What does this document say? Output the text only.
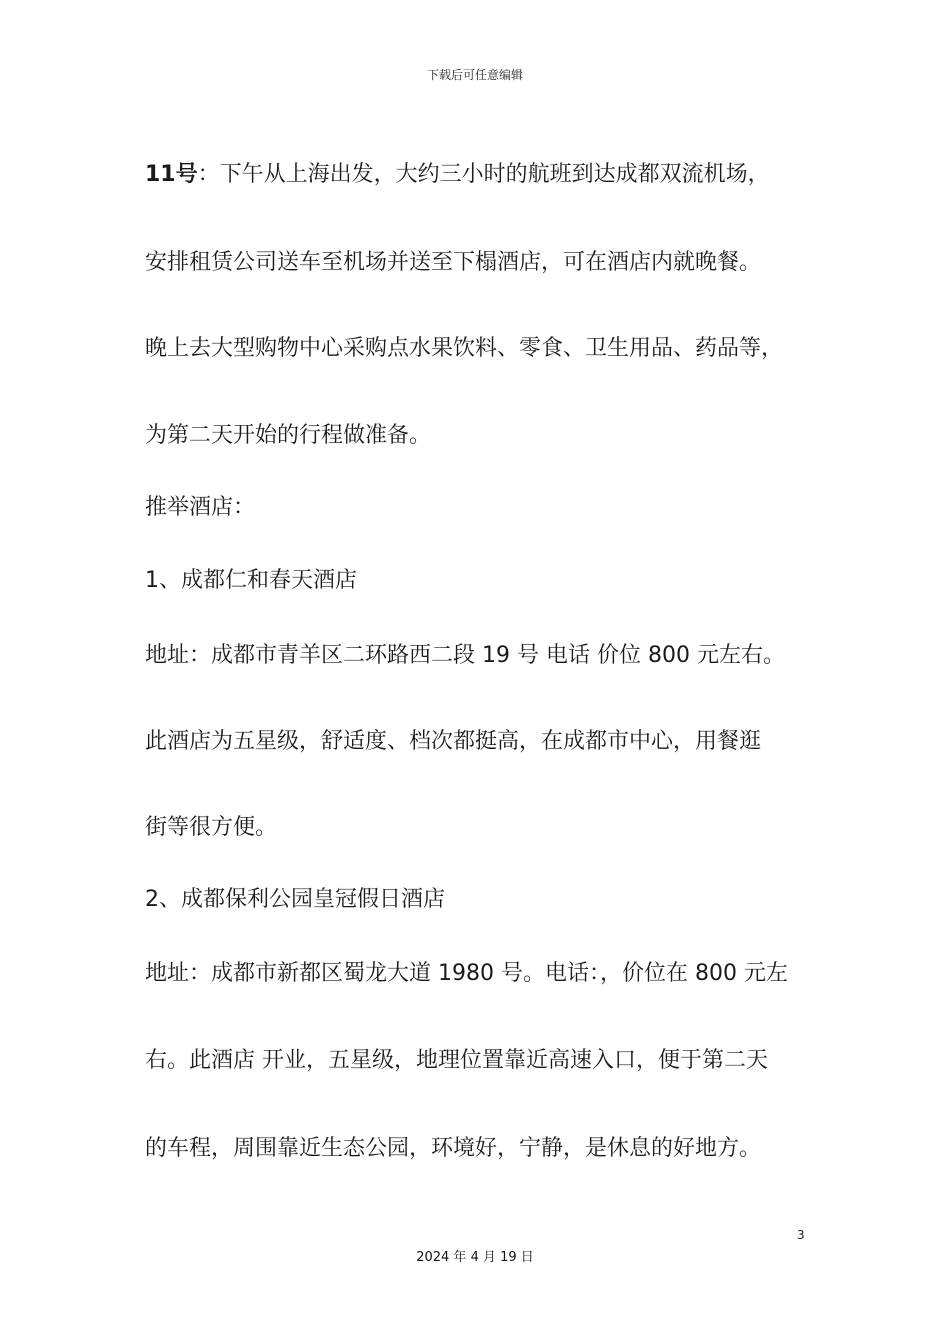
下载后可任意编辑
11号：下午从上海出发，大约三小时的航班到达成都双流机场，
安排租赁公司送车至机场并送至下榻酒店，可在酒店内就晚餐。
晚上去大型购物中心采购点水果饮料、零食、卫生用品、药品等，
为第二天开始的行程做准备。
推举酒店：
1、成都仁和春天酒店
地址：成都市青羊区二环路西二段 19 号 电话 价位 800 元左右。
此酒店为五星级，舒适度、档次都挺高，在成都市中心，用餐逛
街等很方便。
2、成都保利公园皇冠假日酒店
地址：成都市新都区蜀龙大道 1980 号。电话：，价位在 800 元左
右。此酒店 开业，五星级，地理位置靠近高速入口，便于第二天
的车程，周围靠近生态公园，环境好，宁静，是休息的好地方。
3
2024 年 4 月 19 日
